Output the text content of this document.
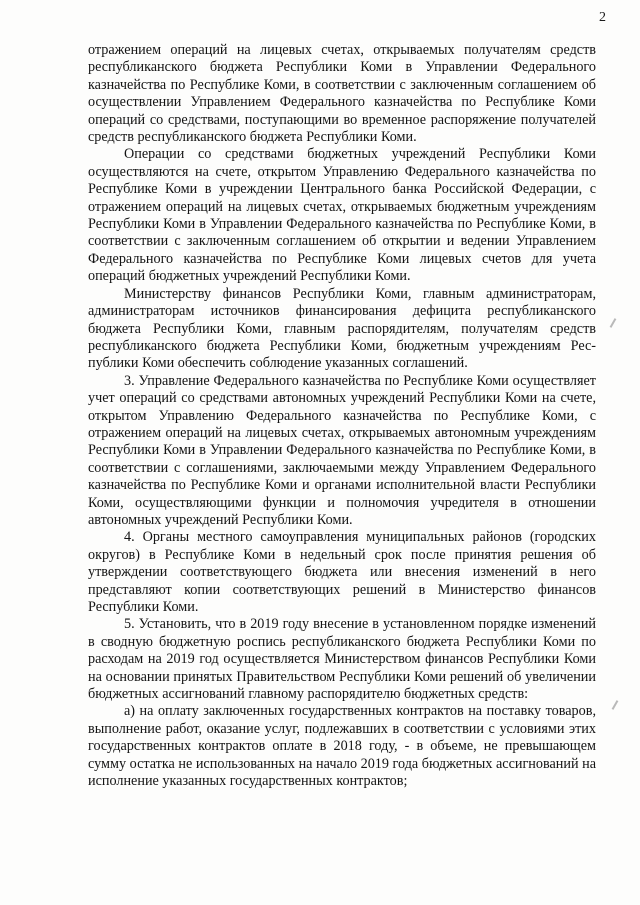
2

отражением операций на лицевых счетах, открываемых получателям средств республиканского бюджета Республики Коми в Управлении Федерального казначейства по Республике Коми, в соответствии с заключенным соглашением об осуществлении Управлением Федерального казначейства по Республике Коми операций со средствами, поступающими во временное распоряжение получателей средств республиканского бюджета Республики Коми.

Операции со средствами бюджетных учреждений Республики Коми осуществляются на счете, открытом Управлению Федерального казначейства по Республике Коми в учреждении Центрального банка Российской Федерации, с отражением операций на лицевых счетах, открываемых бюджетным учреждениям Республики Коми в Управлении Федерального казначейства по Республике Коми, в соответствии с заключенным соглашением об открытии и ведении Управлением Федерального казначейства по Республике Коми лицевых счетов для учета операций бюджетных учреждений Республики Коми.

Министерству финансов Республики Коми, главным администраторам, администраторам источников финансирования дефицита республиканского бюджета Республики Коми, главным распорядителям, получателям средств республиканского бюджета Республики Коми, бюджетным учреждениям Республики Коми обеспечить соблюдение указанных соглашений.

3. Управление Федерального казначейства по Республике Коми осуществляет учет операций со средствами автономных учреждений Республики Коми на счете, открытом Управлению Федерального казначейства по Республике Коми, с отражением операций на лицевых счетах, открываемых автономным учреждениям Республики Коми в Управлении Федерального казначейства по Республике Коми, в соответствии с соглашениями, заключаемыми между Управлением Федерального казначейства по Республике Коми и органами исполнительной власти Республики Коми, осуществляющими функции и полномочия учредителя в отношении автономных учреждений Республики Коми.

4. Органы местного самоуправления муниципальных районов (городских округов) в Республике Коми в недельный срок после принятия решения об утверждении соответствующего бюджета или внесения изменений в него представляют копии соответствующих решений в Министерство финансов Республики Коми.

5. Установить, что в 2019 году внесение в установленном порядке изменений в сводную бюджетную роспись республиканского бюджета Республики Коми по расходам на 2019 год осуществляется Министерством финансов Республики Коми на основании принятых Правительством Республики Коми решений об увеличении бюджетных ассигнований главному распорядителю бюджетных средств:

а) на оплату заключенных государственных контрактов на поставку товаров, выполнение работ, оказание услуг, подлежавших в соответствии с условиями этих государственных контрактов оплате в 2018 году, - в объеме, не превышающем сумму остатка не использованных на начало 2019 года бюджетных ассигнований на исполнение указанных государственных контрактов;
